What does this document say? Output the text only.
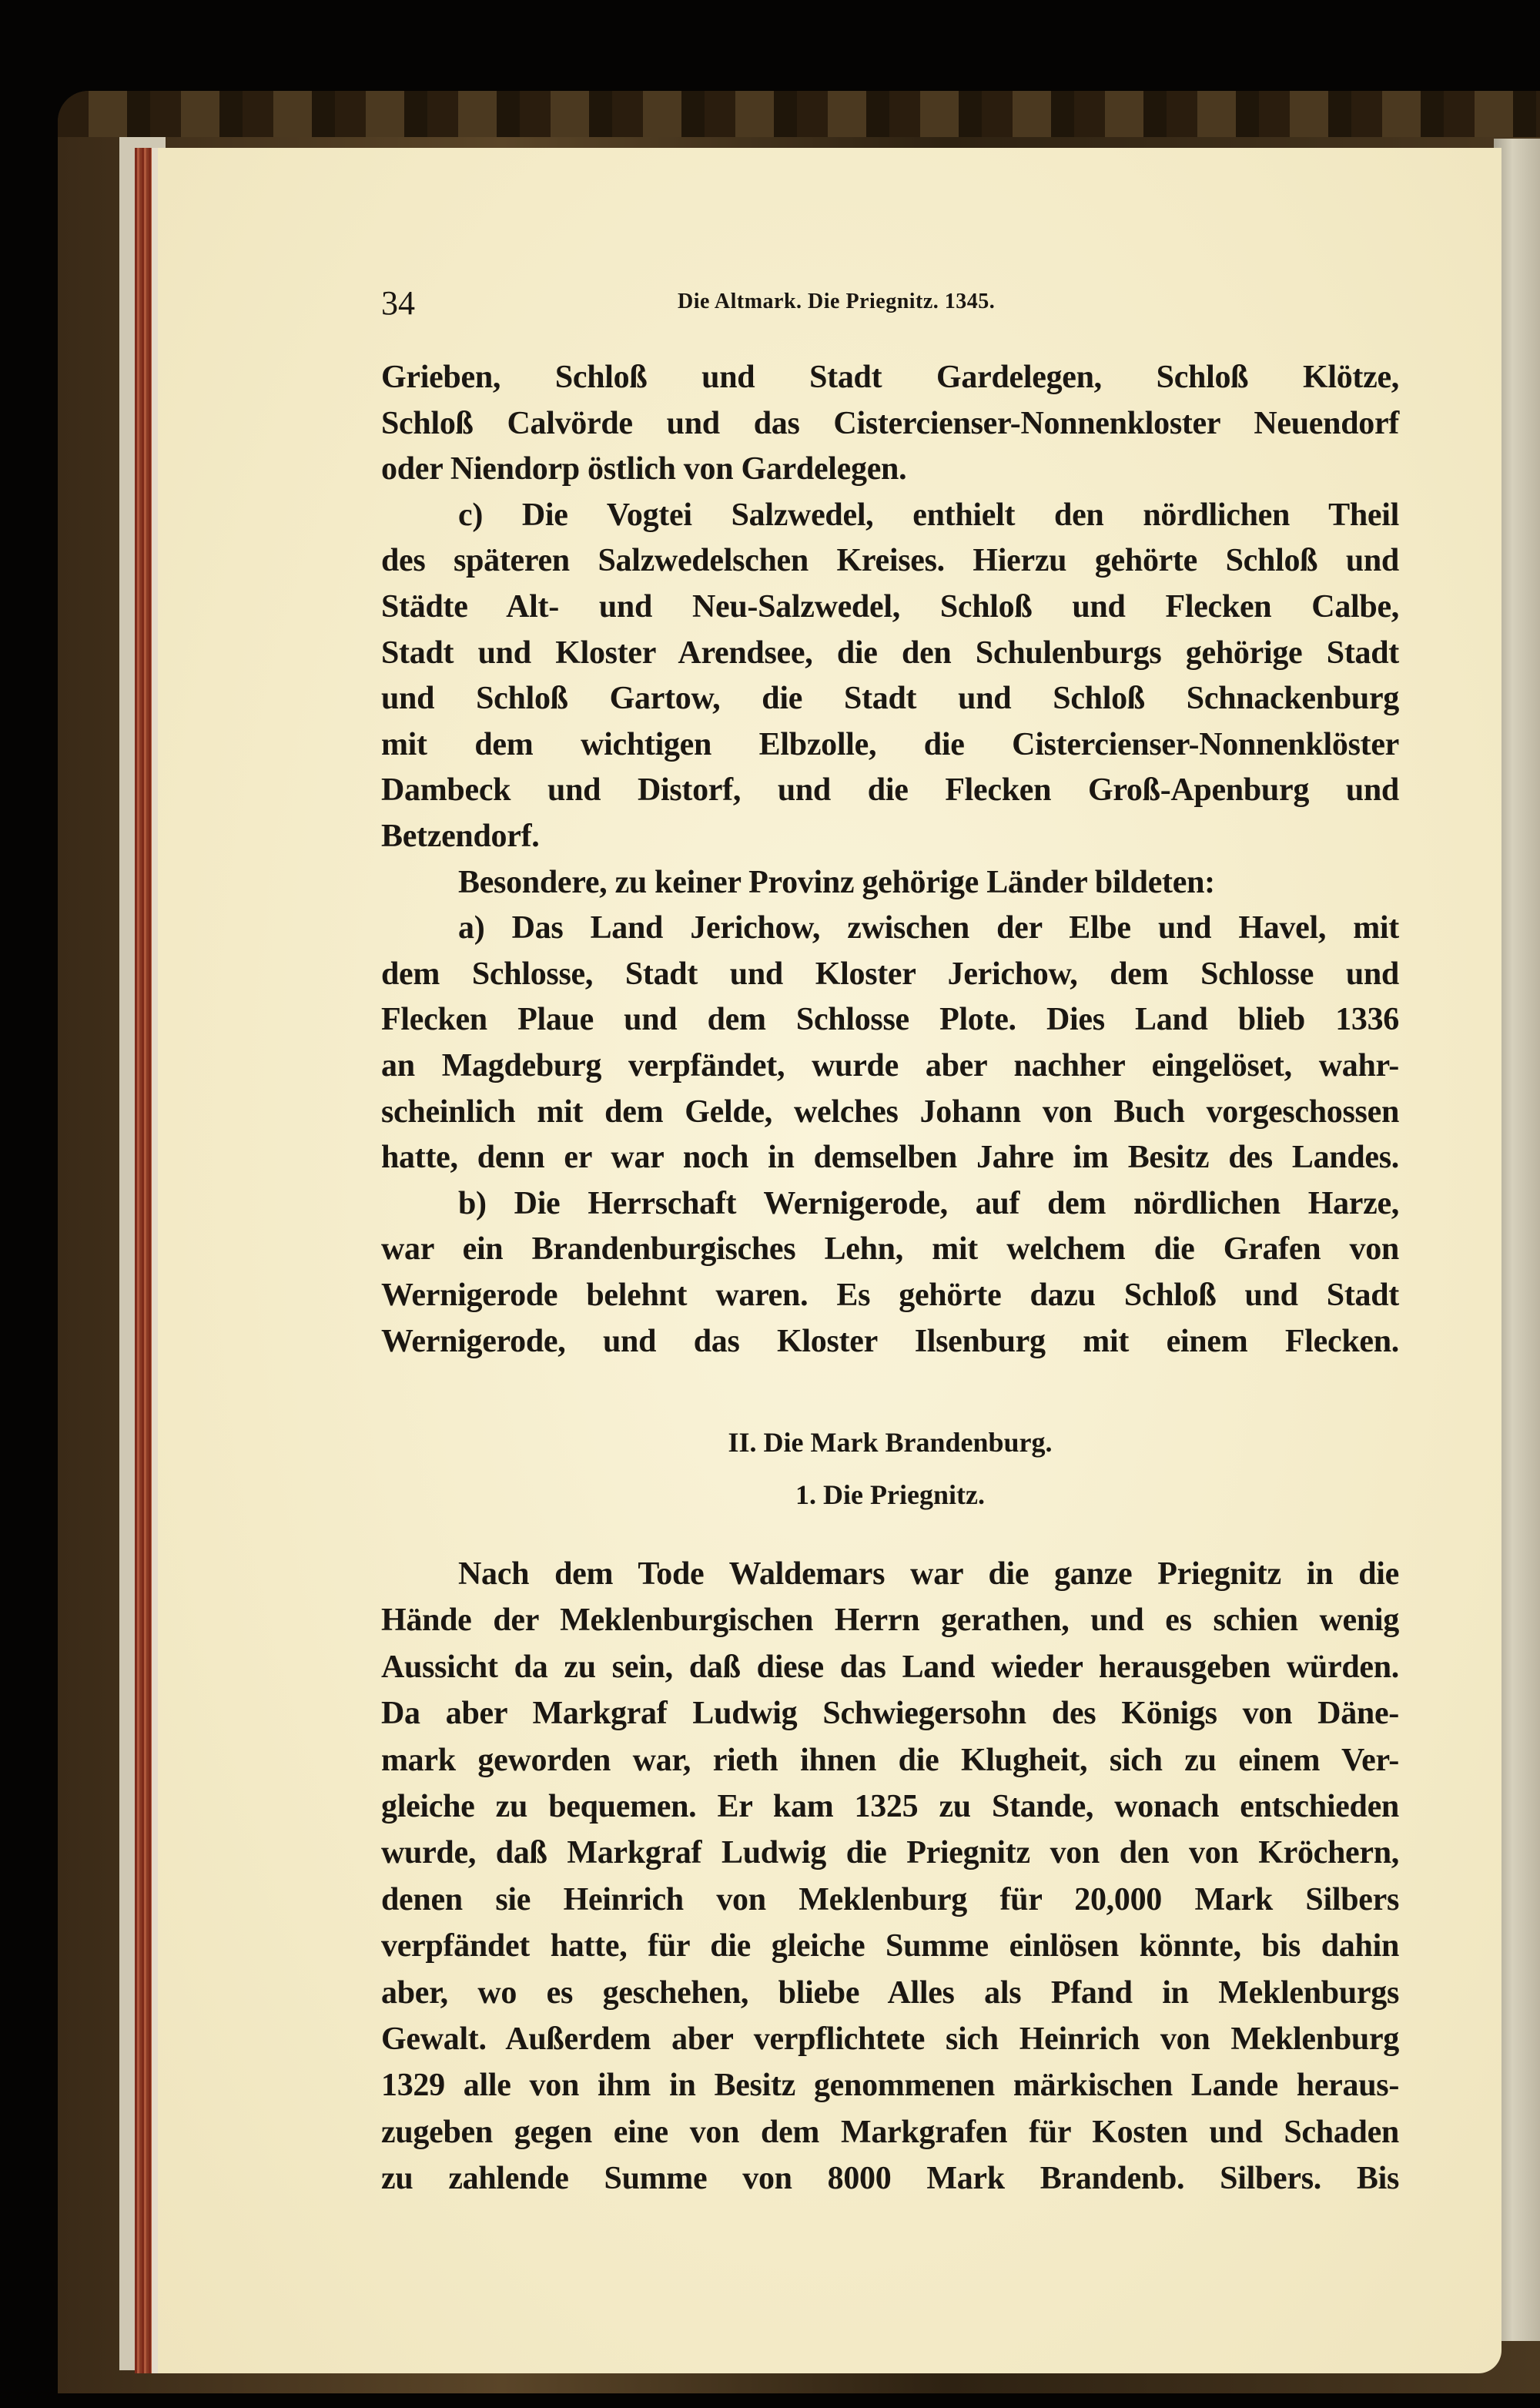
34	Die Altmark. Die Priegnitz. 1345.
Grieben, Schloß und Stadt Gardelegen, Schloß Klötze,
Schloß Calvörde und das Cistercienser-Nonnenkloster Neuendorf
oder Niendorp östlich von Gardelegen.
c) Die Vogtei Salzwedel, enthielt den nördlichen Theil
des späteren Salzwedelschen Kreises. Hierzu gehörte Schloß und
Städte Alt- und Neu-Salzwedel, Schloß und Flecken Calbe,
Stadt und Kloster Arendsee, die den Schulenburgs gehörige Stadt
und Schloß Gartow, die Stadt und Schloß Schnackenburg
mit dem wichtigen Elbzolle, die Cistercienser-Nonnenklöster
Dambeck und Distorf, und die Flecken Groß-Apenburg und
Betzendorf.
Besondere, zu keiner Provinz gehörige Länder bildeten:
a) Das Land Jerichow, zwischen der Elbe und Havel, mit
dem Schlosse, Stadt und Kloster Jerichow, dem Schlosse und
Flecken Plaue und dem Schlosse Plote. Dies Land blieb 1336
an Magdeburg verpfändet, wurde aber nachher eingelöset, wahr-
scheinlich mit dem Gelde, welches Johann von Buch vorgeschossen
hatte, denn er war noch in demselben Jahre im Besitz des Landes.
b) Die Herrschaft Wernigerode, auf dem nördlichen Harze,
war ein Brandenburgisches Lehn, mit welchem die Grafen von
Wernigerode belehnt waren. Es gehörte dazu Schloß und Stadt
Wernigerode, und das Kloster Ilsenburg mit einem Flecken.
II. Die Mark Brandenburg.
1. Die Priegnitz.
Nach dem Tode Waldemars war die ganze Priegnitz in die
Hände der Meklenburgischen Herrn gerathen, und es schien wenig
Aussicht da zu sein, daß diese das Land wieder herausgeben würden.
Da aber Markgraf Ludwig Schwiegersohn des Königs von Däne-
mark geworden war, rieth ihnen die Klugheit, sich zu einem Ver-
gleiche zu bequemen. Er kam 1325 zu Stande, wonach entschieden
wurde, daß Markgraf Ludwig die Priegnitz von den von Kröchern,
denen sie Heinrich von Meklenburg für 20,000 Mark Silbers
verpfändet hatte, für die gleiche Summe einlösen könnte, bis dahin
aber, wo es geschehen, bliebe Alles als Pfand in Meklenburgs
Gewalt. Außerdem aber verpflichtete sich Heinrich von Meklenburg
1329 alle von ihm in Besitz genommenen märkischen Lande heraus-
zugeben gegen eine von dem Markgrafen für Kosten und Schaden
zu zahlende Summe von 8000 Mark Brandenb. Silbers. Bis
